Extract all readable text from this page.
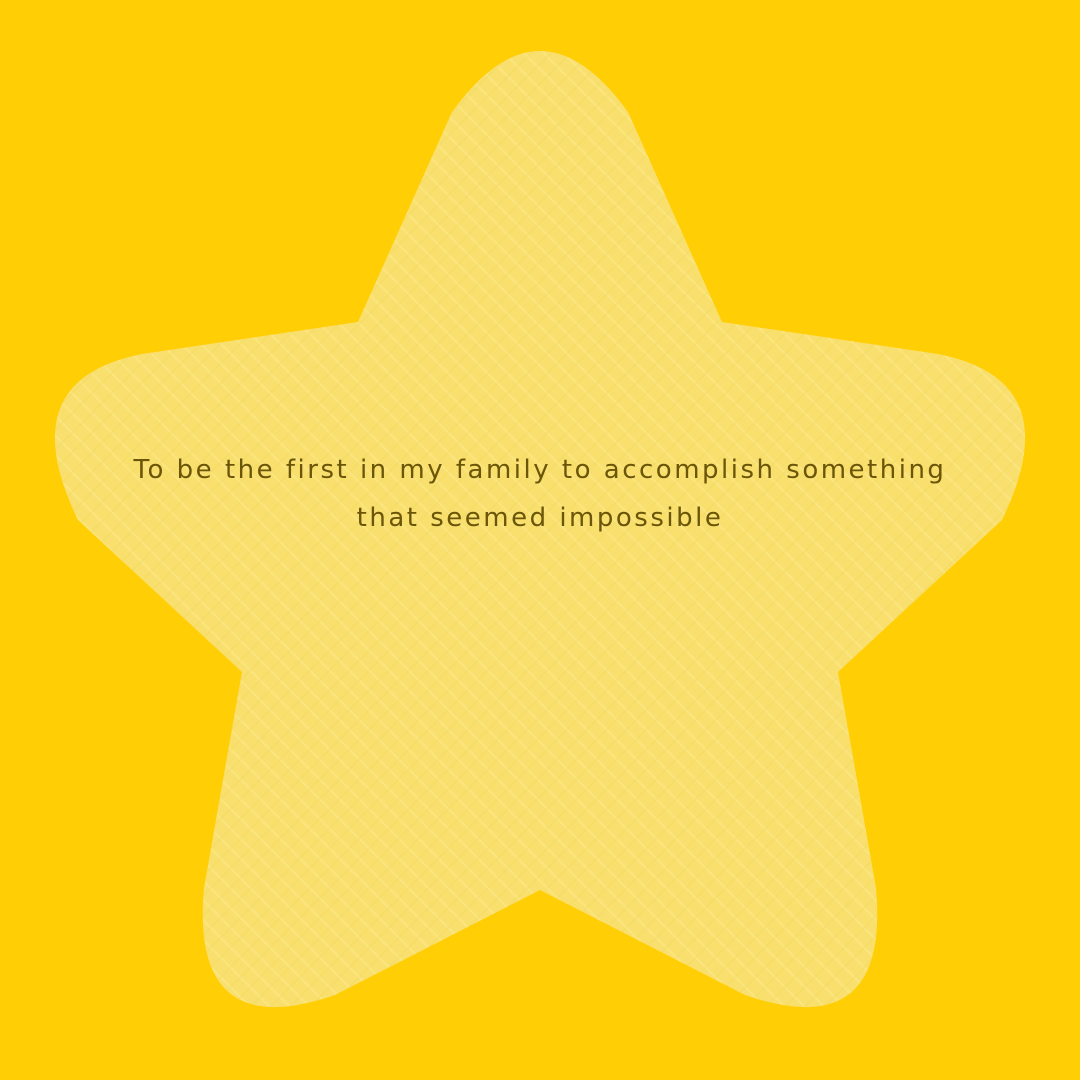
To be the first in my family to accomplish something
that seemed impossible
